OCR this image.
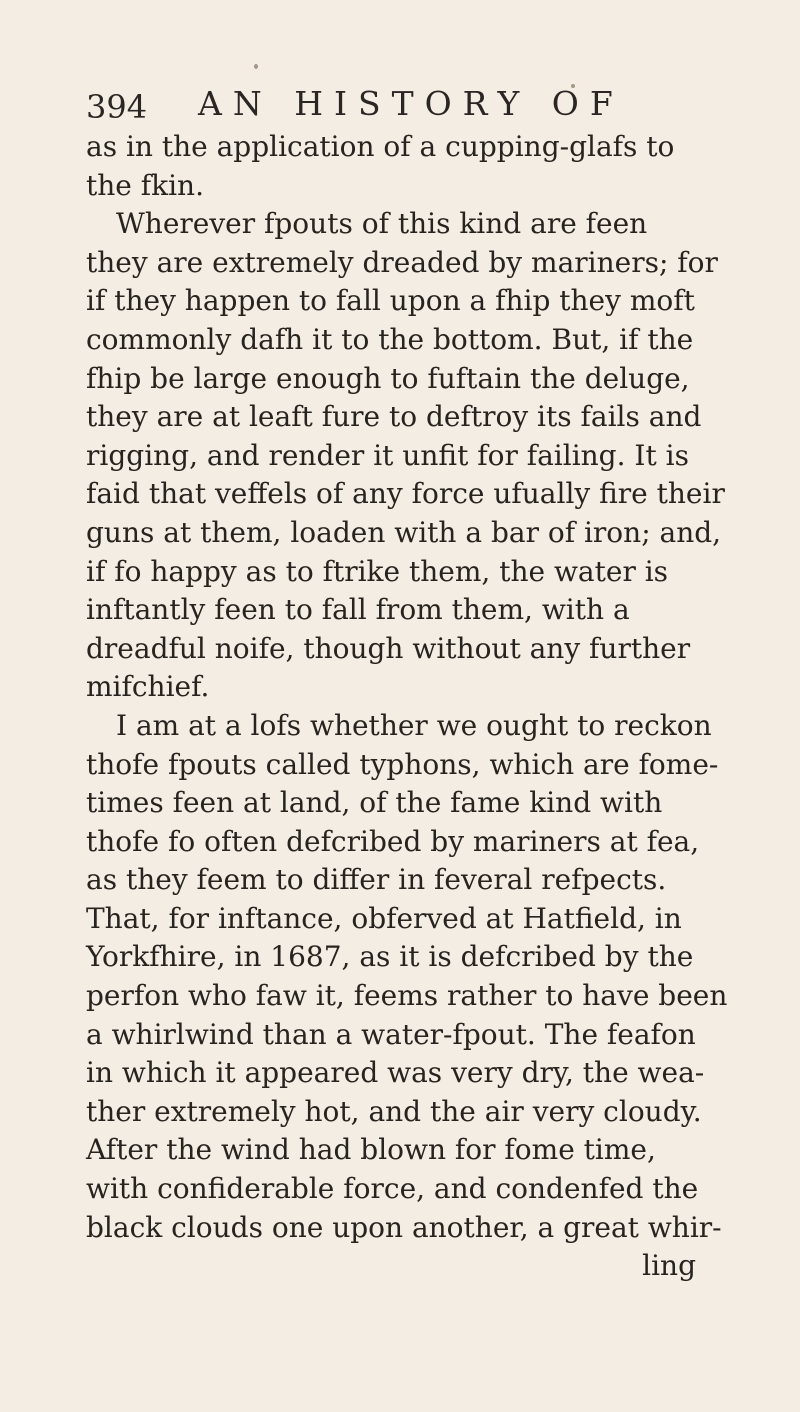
394 AN HISTORY OF
as in the application of a cupping-glafs to
the fkin.
Wherever fpouts of this kind are feen
they are extremely dreaded by mariners; for
if they happen to fall upon a fhip they moft
commonly dafh it to the bottom. But, if the
fhip be large enough to fuftain the deluge,
they are at leaft fure to deftroy its fails and
rigging, and render it unfit for failing. It is
faid that veffels of any force ufually fire their
guns at them, loaden with a bar of iron; and,
if fo happy as to ftrike them, the water is
inftantly feen to fall from them, with a
dreadful noife, though without any further
mifchief.
I am at a lofs whether we ought to reckon
thofe fpouts called typhons, which are fome-
times feen at land, of the fame kind with
thofe fo often defcribed by mariners at fea,
as they feem to differ in feveral refpects.
That, for inftance, obferved at Hatfield, in
Yorkfhire, in 1687, as it is defcribed by the
perfon who faw it, feems rather to have been
a whirlwind than a water-fpout. The feafon
in which it appeared was very dry, the wea-
ther extremely hot, and the air very cloudy.
After the wind had blown for fome time,
with confiderable force, and condenfed the
black clouds one upon another, a great whir-
ling
